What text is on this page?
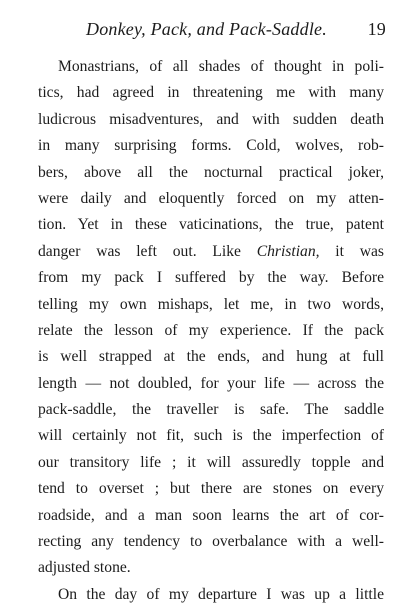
Donkey, Pack, and Pack-Saddle. 19
Monastrians, of all shades of thought in poli-
tics, had agreed in threatening me with many
ludicrous misadventures, and with sudden death
in many surprising forms. Cold, wolves, rob-
bers, above all the nocturnal practical joker,
were daily and eloquently forced on my atten-
tion. Yet in these vaticinations, the true, patent
danger was left out. Like Christian, it was
from my pack I suffered by the way. Before
telling my own mishaps, let me, in two words,
relate the lesson of my experience. If the pack
is well strapped at the ends, and hung at full
length — not doubled, for your life — across the
pack-saddle, the traveller is safe. The saddle
will certainly not fit, such is the imperfection of
our transitory life ; it will assuredly topple and
tend to overset ; but there are stones on every
roadside, and a man soon learns the art of cor-
recting any tendency to overbalance with a well-
adjusted stone.
On the day of my departure I was up a little
